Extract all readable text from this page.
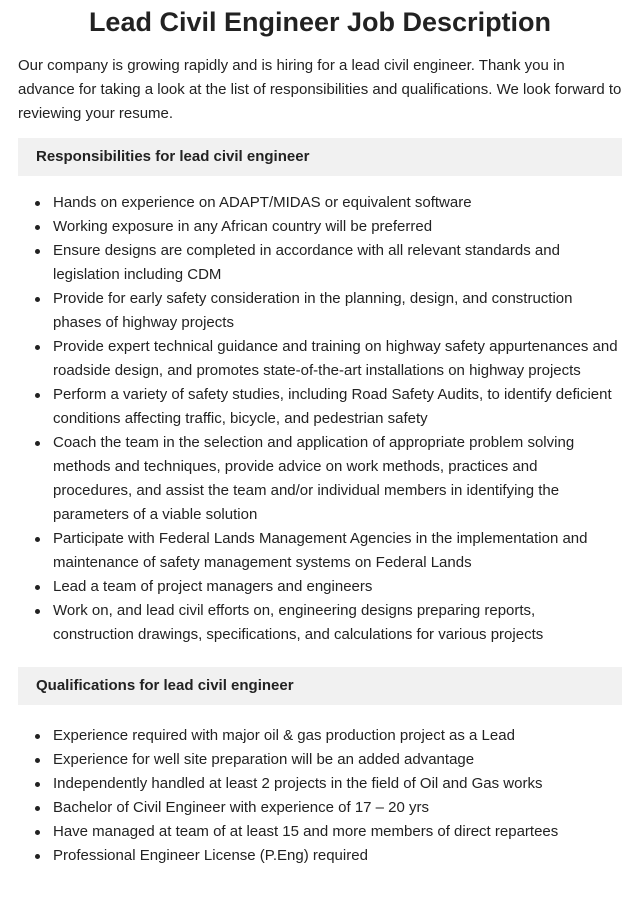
Lead Civil Engineer Job Description

Our company is growing rapidly and is hiring for a lead civil engineer. Thank you in advance for taking a look at the list of responsibilities and qualifications. We look forward to reviewing your resume.

Responsibilities for lead civil engineer
Hands on experience on ADAPT/MIDAS or equivalent software
Working exposure in any African country will be preferred
Ensure designs are completed in accordance with all relevant standards and legislation including CDM
Provide for early safety consideration in the planning, design, and construction phases of highway projects
Provide expert technical guidance and training on highway safety appurtenances and roadside design, and promotes state-of-the-art installations on highway projects
Perform a variety of safety studies, including Road Safety Audits, to identify deficient conditions affecting traffic, bicycle, and pedestrian safety
Coach the team in the selection and application of appropriate problem solving methods and techniques, provide advice on work methods, practices and procedures, and assist the team and/or individual members in identifying the parameters of a viable solution
Participate with Federal Lands Management Agencies in the implementation and maintenance of safety management systems on Federal Lands
Lead a team of project managers and engineers
Work on, and lead civil efforts on, engineering designs preparing reports, construction drawings, specifications, and calculations for various projects
Qualifications for lead civil engineer
Experience required with major oil & gas production project as a Lead
Experience for well site preparation will be an added advantage
Independently handled at least 2 projects in the field of Oil and Gas works
Bachelor of Civil Engineer with experience of 17 – 20 yrs
Have managed at team of at least 15 and more members of direct repartees
Professional Engineer License (P.Eng) required
